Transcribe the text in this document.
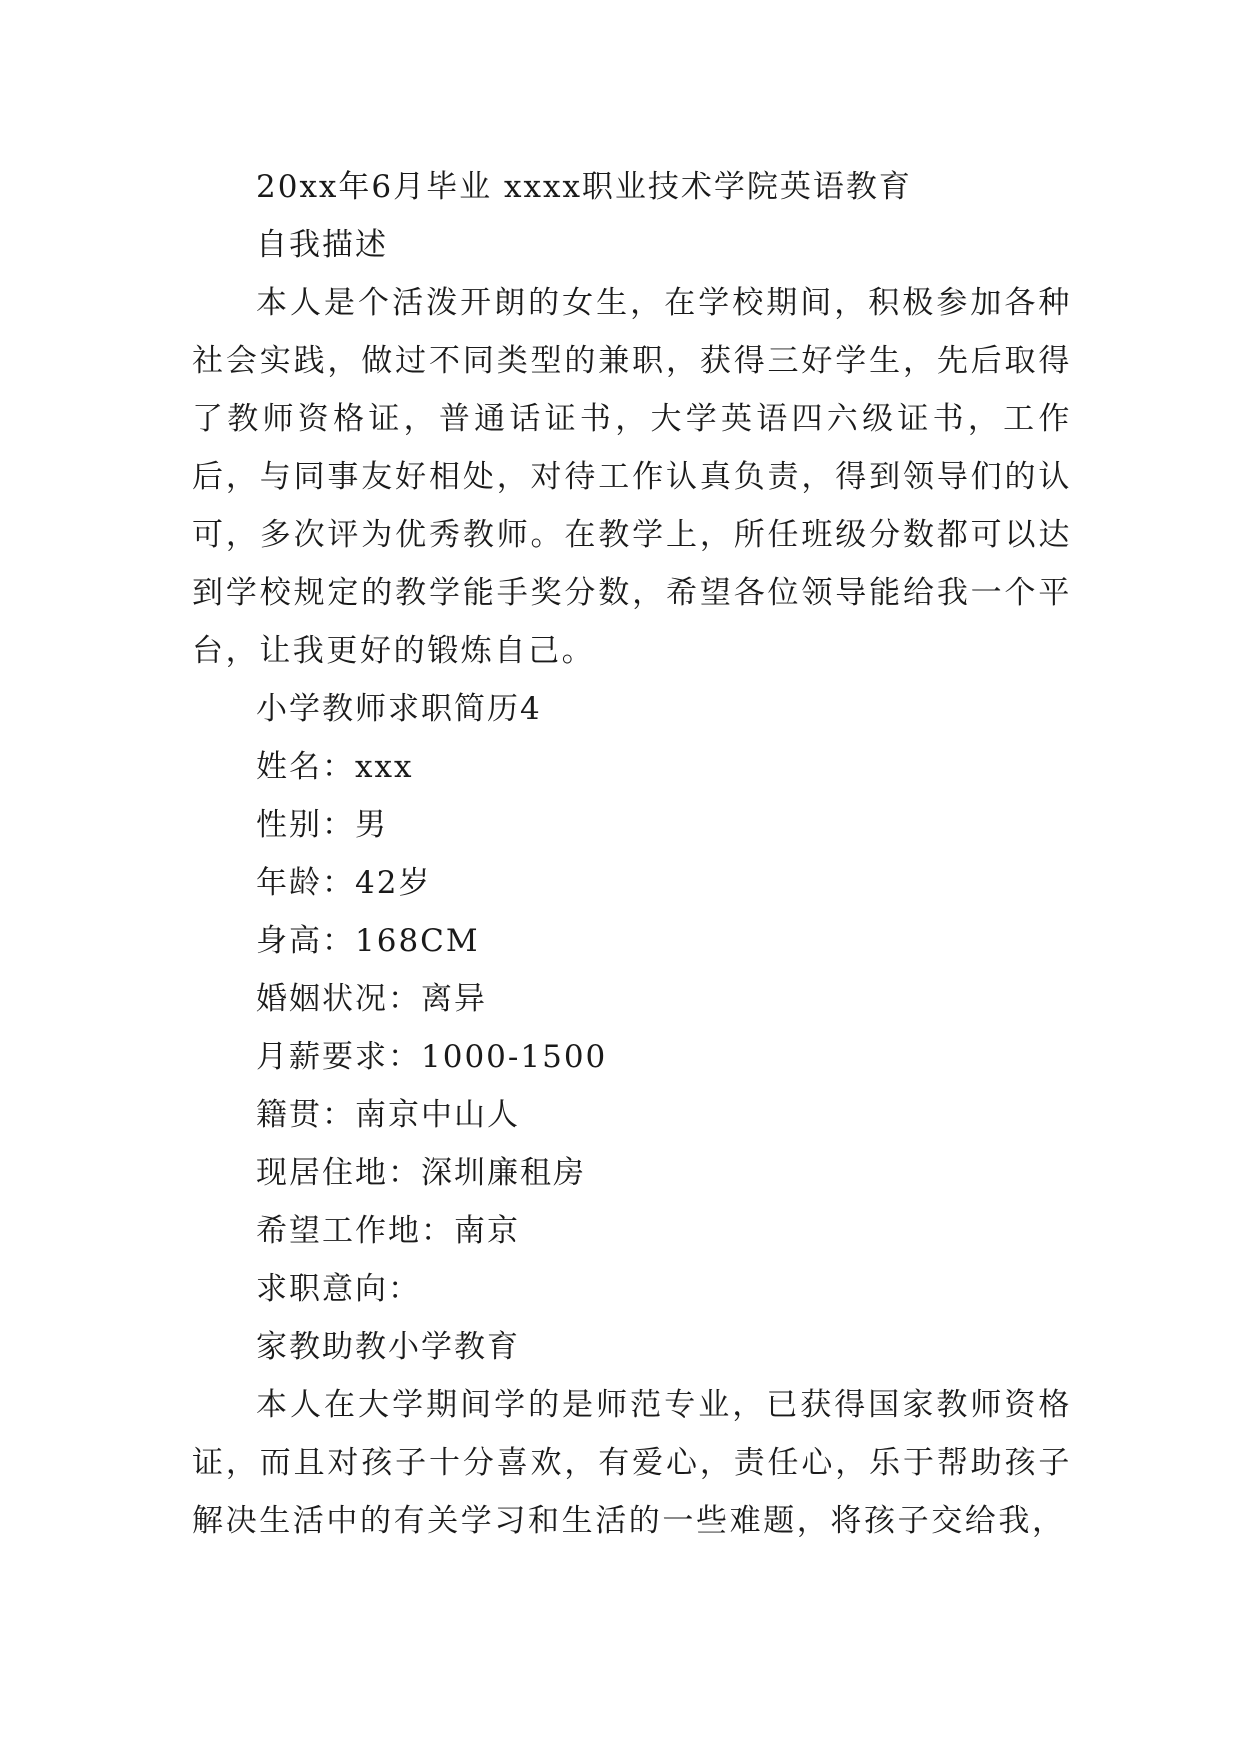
20xx年6月毕业 xxxx职业技术学院英语教育

自我描述

本人是个活泼开朗的女生，在学校期间，积极参加各种社会实践，做过不同类型的兼职，获得三好学生，先后取得了教师资格证，普通话证书，大学英语四六级证书，工作后，与同事友好相处，对待工作认真负责，得到领导们的认可，多次评为优秀教师。在教学上，所任班级分数都可以达到学校规定的教学能手奖分数，希望各位领导能给我一个平台，让我更好的锻炼自己。

小学教师求职简历4

姓名：xxx

性别：男

年龄：42岁

身高：168CM

婚姻状况：离异

月薪要求：1000-1500

籍贯：南京中山人

现居住地：深圳廉租房

希望工作地：南京

求职意向：

家教助教小学教育

本人在大学期间学的是师范专业，已获得国家教师资格证，而且对孩子十分喜欢，有爱心，责任心，乐于帮助孩子解决生活中的有关学习和生活的一些难题，将孩子交给我，
